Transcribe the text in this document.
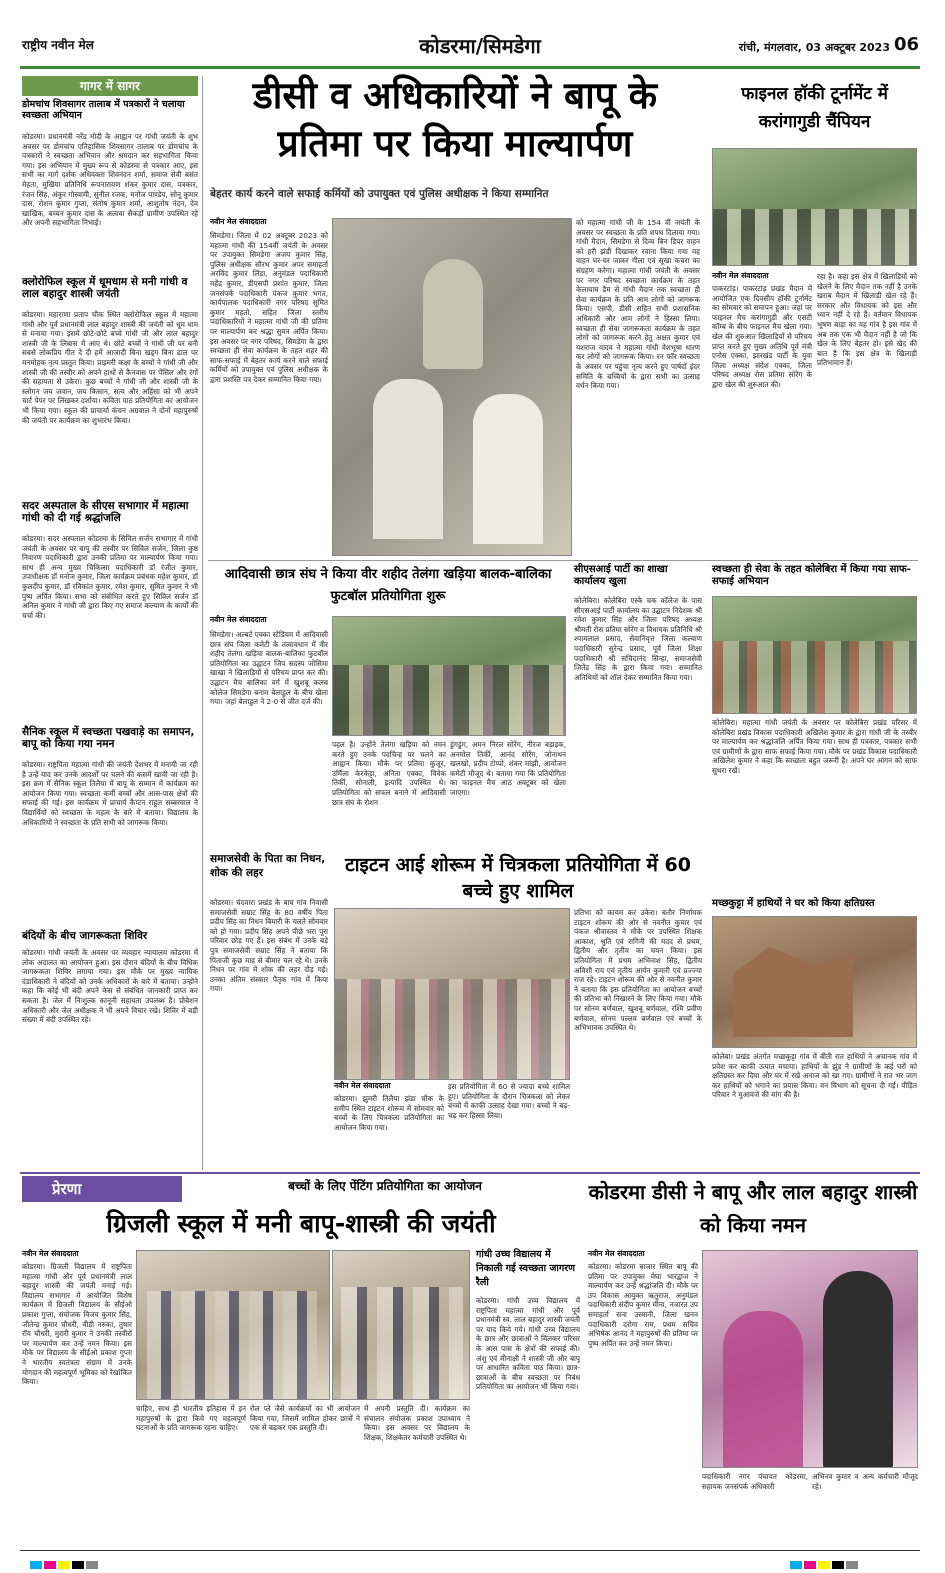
राष्ट्रीय नवीन मेल	कोडरमा/सिमडेगा	रांची, मंगलवार, 03 अक्टूबर 2023 06
गागर में सागर
डोमचांच शिवसागर तालाब में पत्रकारों ने चलाया स्वच्छता अभियान
कोडरमा। प्रधानमंत्री नरेंद्र मोदी के आह्वान पर गांधी जयंती के शुभ अवसर पर डोमचांच एतिहासिक शिवसागर तालाब पर डोमचांच के पत्रकारों ने स्वच्छता अभियान और श्रमदान कर सहभागिता किया गया। इस अभियान में मुख्य रूप से कोडरमा से पत्रकार आए, इस सभी का मार्ग दर्शक अधिवक्ता शिवनंदन शर्मा, समाज सेवी बसंत मेहता, मुखिया प्रतिनिधि रूपनारायण शंकर कुमार दास, पत्रकार, रंजन सिंह, अंकुर गोस्वामी, सुनील रजक, मनोज पाण्डेय, सोनू कुमार दास, रोशन कुमार गुप्ता, संतोष कुमार शर्मा, आशुतोष नंदन, देव खाखिक, बच्चन कुमार दास के अलावा सैकड़ों ग्रामीण उपस्थित रहे और अपनी सहभागिता निभाई।
क्लोरोफिल स्कूल में धूमधाम से मनी गांधी व लाल बहादुर शास्त्री जयंती
कोडरमा। महाराणा प्रताप चौक स्थित क्लोरोफिल स्कूल में महात्मा गांधी और पूर्व प्रधानमंत्री लाल बहादुर शास्त्री की जयंती को धूम धाम से मनाया गया। इसमें छोटे-छोटे बच्चे गांधी जी और लाल बहादुर शास्त्री जी के लिबास में आए थे। छोटे बच्चों ने गांधी जी पर बनी सबसे लोकप्रिय गीत दे दी हमें आजादी बिना खड्ग बिना ढाल पर मनमोहक नृत्य प्रस्तुत किया। प्राइमरी कक्षा के बच्चों ने गांधी जी और शास्त्री जी की तस्वीर को अपने हाथों से कैनवास पर पेंसिल और रंगों की सहायता से उकेरा। कुछ बच्चों ने गांधी जी और शास्त्री जी के स्लोगन जय जवान, जय किसान, सत्य और अहिंसा को भी अपने चार्ट पेपर पर लिखकर दर्शाया। कविता पाठ प्रतियोगिता का आयोजन भी किया गया। स्कूल की प्राचार्या कंचन अग्रवाल ने दोनों महापुरुषों की जयंती पर कार्यक्रम का शुभारंभ किया।
सदर अस्पताल के सीएस सभागार में महात्मा गांधी को दी गई श्रद्धांजलि
कोडरमा। सदर अस्पताल कोडरमा के सिविल सर्जन सभागार में गांधी जयंती के अवसर पर बापू की तस्वीर पर सिविल सर्जन, जिला कुष्ठ निवारण पदाधिकारी द्वारा उनकी प्रतिमा पर माल्यार्पण किया गया। साथ ही अन्य मुख्य चिकित्सा पदाधिकारी डॉ रंजीत कुमार, उपाधीक्षक डॉ मनोज कुमार, जिला कार्यक्रम प्रबंधक महेश कुमार, डॉ कुलदीप कुमार, डॉ रविकांत कुमार, रमेश कुमार, सुमित कुमार ने भी पुष्प अर्पित किया। सभा को संबोधित करते हुए सिविल सर्जन डॉ अनिल कुमार ने गांधी जी द्वारा किए गए समाज कल्याण के कार्यों की चर्चा की।
सैनिक स्कूल में स्वच्छता पखवाड़े का समापन, बापू को किया गया नमन
कोडरमा। राष्ट्रपिता महात्मा गांधी की जयंती देशभर में मनायी जा रही है उन्हें याद कर उनके आदर्शों पर चलने की कसमें खायी जा रही है। इस क्रम में सैनिक स्कूल तिलैया में बापू के सम्मान में कार्यक्रम का आयोजन किया गया। स्वच्छता कर्मी बच्चों और आस-पास क्षेत्रों की सफाई की गई। इस कार्यक्रम में प्राचार्य कैप्टन राहुल सब्बरवाल ने विद्यार्थियों को स्वच्छता के महत्व के बारे में बताया। विद्यालय के अधिकारियों ने स्वच्छता के प्रति सभी को जागरूक किया।
बंदियों के बीच जागरूकता शिविर
कोडरमा। गांधी जयंती के अवसर पर व्यवहार न्यायालय कोडरमा में लोक अदालत का आयोजन हुआ। इस दौरान बंदियों के बीच विधिक जागरूकता शिविर लगाया गया। इस मौके पर मुख्य न्यायिक दंडाधिकारी ने बंदियों को उनके अधिकारों के बारे में बताया। उन्होंने कहा कि कोई भी बंदी अपने केस से संबंधित जानकारी प्राप्त कर सकता है। जेल में निःशुल्क कानूनी सहायता उपलब्ध है। प्रोबेशन अधिकारी और जेल अधीक्षक ने भी अपने विचार रखे। शिविर में बड़ी संख्या में बंदी उपस्थित रहे।
डीसी व अधिकारियों ने बापू के प्रतिमा पर किया माल्यार्पण
बेहतर कार्य करने वाले सफाई कर्मियों को उपायुक्त एवं पुलिस अधीक्षक ने किया सम्मानित
नवीन मेल संवाददाता
सिमडेगा। जिला में 02 अक्टूबर 2023 को महात्मा गांधी की 154वीं जयंती के अवसर पर उपायुक्त सिमडेगा अजय कुमार सिंह, पुलिस अधीक्षक सौरभ कुमार अपर समाहर्ता अरविंद कुमार लिंडा, अनुमंडल पदाधिकारी महेंद्र कुमार, डीएसपी प्रशांत कुमार, जिला जनसंपर्क पदाधिकारी पंकज कुमार भगत, कार्यपालक पदाधिकारी नगर परिषद सुमित कुमार महतो, सहित जिला स्तरीय पदाधिकारियों ने महात्मा गांधी जी की प्रतिमा पर माल्यार्पण कर श्रद्धा सुमन अर्पित किया। इस अवसर पर नगर परिषद, सिमडेगा के द्वारा स्वच्छता ही सेवा कार्यक्रम के तहत शहर की साफ-सफाई में बेहतर कार्य करने वाले सफाई कर्मियों को उपायुक्त एवं पुलिस अधीक्षक के द्वारा प्रशस्ति पत्र देकर सम्मानित किया गया।
को महात्मा गांधी जी के 154 वीं जयंती के अवसर पर स्वच्छता के प्रति शपथ दिलाया गया। गांधी मैदान, सिमडेगा से दिव्य बिन डिपर वाहन को हरी झंडी दिखाकर रवाना किया गया यह वाहन घर-घर जाकर गीला एवं सूखा कचरा का संग्रहण करेगा। महात्मा गांधी जयंती के अवसर पर नगर परिषद स्वच्छता कार्यक्रम के तहत केलाघाघ डैम से गांधी मैदान तक स्वच्छता ही सेवा कार्यक्रम के प्रति आम लोगों को जागरूक किया। एसपी, डीसी सहित सभी प्रशासनिक अधिकारी और आम लोगों ने हिस्सा लिया। स्वच्छता ही सेवा जागरूकता कार्यक्रम के तहत लोगों को जागरूक करने हेतु अक्षत कुमार एवं यशराज यादव ने महात्मा गांधी वेशभूषा धारण कर लोगों को जागरूक किया। रन फॉर स्वच्छता के अवसर पर पहुंचा नृत्य करने हुए पार्षदों इंदर समिति के बच्चियों के द्वारा सभी का उत्साह वर्धन किया गया।
फाइनल हॉकी टूर्नामेंट में करांगागुडी चैंपियन
नवीन मेल संवाददाता
पाकरटांड़। पाकरटांड़ प्रखंड मैदान में आयोजित एक दिवसीय हॉकी टूर्नामेंट का सोमवार को समापन हुआ। जहां पर फाइनल मैच करांगागुडी और एसटी कॉम्ब के बीच फाइनल मैच खेला गया। खेल की शुरुआत खिलाड़ियों से परिचय प्राप्त करते हुए मुख्य अतिथि पूर्व मंत्री एनोस एक्का, झारखंड पार्टी के युवा जिला अध्यक्ष संदेश एक्का, जिला परिषद अध्यक्ष रोस प्रतिमा सोरेंग के द्वारा खेल की शुरुआत की।
रहा है। कहा इस क्षेत्र में खिलाड़ियों को खेलने के लिए मैदान तक नहीं है उनके खराब मैदान में खिलाड़ी खेल रहे हैं। सरकार और विधायक को इस और ध्यान नहीं दे रहे हैं। वर्तमान विधायक भूषण बाड़ा का यह गांव है इस गांव में अब तक एक भी मैदान नहीं है जो कि खेल के लिए बेहतर हो। इसे खेद की बात है कि इस क्षेत्र के खिलाड़ी प्रतिभावान हैं।
आदिवासी छात्र संघ ने किया वीर शहीद तेलंगा खड़िया बालक-बालिका फुटबॉल प्रतियोगिता शुरू
नवीन मेल संवाददाता
सिमडेगा। अल्बर्ट एक्का स्टेडियम में आदिवासी छात्र संघ जिला कमेटी के तत्वावधान में वीर शहीद तेलंगा खड़िया बालक-बालिका फुटबॉल प्रतियोगिता का उद्घाटन जिप सदस्य जोसिमा खाखा ने खिलाड़ियों से परिचय प्राप्त कर की। उद्घाटन मैच बालिका वर्ग में खुशबू कलब कोलेज सिमडेगा बनाम बेलाडुल के बीच खेला गया। जहां बेलाडुल ने 2-0 से जीत दर्ज की।
पहल है। उन्होंने तेलंगा खड़िया को नमन करते हुए उनके पदचिन्ह पर चलने का आह्वान किया। मौके पर प्रतिमा कुजूर, उर्मिला केरकेट्टा, अनिता एक्का, विवेक तिर्की, सोनाली, इत्यादि उपस्थित थे। प्रतियोगिता को सफल बनाने में आदिवासी छात्र संघ के रोशन
डुंगडुंग, अमन निरल सोरेंग, नीरज बड़ाइक, अनमोल तिर्की, आनंद सोरेंग, जोनाथन खलखो, प्रदीप टोप्पो, शंकर मांझी, आयोजन कमेटी मौजूद थे। बताया गया कि प्रतियोगिता का फाइनल मैच आठ अक्टूबर को खेला जाएगा।
सीएसआई पार्टी का शाखा कार्यालय खुला
कोलेबिरा। कोलेबिरा एस्के चक कॉलेज के पास सीएसआई पार्टी कार्यालय का उद्घाटन निदेशक श्री रमेश कुमार सिंह और जिला परिषद अध्यक्ष श्रीमती रोस प्रतिमा सोरेंग व विधायक प्रतिनिधि श्री श्यामलाल प्रसाद, सेवानिवृत्त जिला कल्याण पदाधिकारी सुरेन्द्र प्रसाद, पूर्व जिला शिक्षा पदाधिकारी श्री सचिदानंद सिन्हा, समाजसेवी जितेंद्र सिंह के द्वारा किया गया। सम्मानित अतिथियों को शॉल देकर सम्मानित किया गया।
स्वच्छता ही सेवा के तहत कोलेबिरा में किया गया साफ-सफाई अभियान
कोलेबिरा। महात्मा गांधी जयंती के अवसर पर कोलेबिरा प्रखंड परिसर में कोलेबिरा प्रखंड विकास पदाधिकारी अखिलेश कुमार के द्वारा गांधी जी के तस्वीर पर माल्यार्पण कर श्रद्धांजलि अर्पित किया गया। साथ ही पत्रकार, पत्रकार सभी एवं ग्रामीणों के द्वारा साफ सफाई किया गया। मौके पर प्रखंड विकास पदाधिकारी अखिलेश कुमार ने कहा कि स्वच्छता बहुत जरूरी है। अपने घर आंगन को साफ सुथरा रखें।
समाजसेवी के पिता का निधन, शोक की लहर
कोडरमा। चंदवारा प्रखंड के बाघ गांव निवासी समाजसेवी सम्राट सिंह के 80 वर्षीय पिता प्रदीप सिंह का निधन बिमारी के चलते सोमवार को हो गया। प्रदीप सिंह अपने पीछे भरा पूरा परिवार छोड़ गए हैं। इस संबंध में उनके बड़े पुत्र समाजसेवी सम्राट सिंह ने बताया कि पिताजी कुछ माह से बीमार चल रहे थे। उनके निधन पर गांव में शोक की लहर दौड़ गई। उनका अंतिम संस्कार पैतृक गांव में किया गया।
टाइटन आई शोरूम में चित्रकला प्रतियोगिता में 60 बच्चे हुए शामिल
नवीन मेल संवाददाता
कोडरमा। झुमरी तिलैया झंडा चौक के समीप स्थित टाइटन शोरूम में सोमवार को बच्चों के लिए चित्रकला प्रतियोगिता का आयोजन किया गया।
इस प्रतियोगिता में 60 से ज्यादा बच्चे शामिल हुए। प्रतियोगिता के दौरान चित्रकला को लेकर बच्चों में काफी उत्साह देखा गया। बच्चों ने बढ़-चढ़ कर हिस्सा लिया।
प्रतिभा को कायम कर उकेरा। बतौर निर्णायक टाइटन शोरूम की ओर से नवनीत कुमार एवं पंकज श्रीवास्तव ने मौके पर उपस्थित शिक्षक आकाश, श्रुति एवं रागिनी की मदद से प्रथम, द्वितीय और तृतीय का चयन किया। इस प्रतियोगिता में प्रथम अभिनाश सिंह, द्वितीय अविशी राय एवं तृतीय आर्यन कुमारी एवं प्रज्ज्या राज रहे। टाइटन शोरूम की ओर से नवनीत कुमार ने बताया कि इस प्रतियोगिता का आयोजन बच्चों की प्रतिभा को निखारने के लिए किया गया। मौके पर सोनम बर्णवाल, खुशबू बर्णवाल, रश्मि प्रवीण बर्णवाल, सोनम पल्लव बर्णवाल एवं बच्चों के अभिभावक उपस्थित थे।
मच्छकुट्टा में हाथियों ने घर को किया क्षतिग्रस्त
कोलेबा। प्रखंड अंतर्गत मच्छकुट्टा गांव में बीती रात हाथियों ने अचानक गांव में प्रवेश कर काफी उत्पात मचाया। हाथियों के झुंड ने ग्रामीणों के कई घरों को क्षतिग्रस्त कर दिया और घर में रखे अनाज को खा गए। ग्रामीणों ने रात भर जाग कर हाथियों को भगाने का प्रयास किया। वन विभाग को सूचना दी गई। पीड़ित परिवार ने मुआवजे की मांग की है।
प्रेरणा	बच्चों के लिए पेंटिंग प्रतियोगिता का आयोजन
ग्रिजली स्कूल में मनी बापू-शास्त्री की जयंती
नवीन मेल संवाददाता
कोडरमा। ग्रिजली विद्यालय में राष्ट्रपिता महात्मा गांधी और पूर्व प्रधानमंत्री लाल बहादुर शास्त्री की जयंती मनाई गई। विद्यालय सभागार में आयोजित विशेष कार्यक्रम में ग्रिजली विद्यालय के सीईओ प्रकाश गुप्ता, संयोजक विजय कुमार सिंह, जीतेन्द्र कुमार चौधरी, वीडी नरुका, तुषार रॉय चौधरी, मुरारी कुमार ने उनकी तस्वीरों पर माल्यार्पण कर उन्हें नमन किया। इस मौके पर विद्यालय के सीईओ प्रकाश गुप्ता ने भारतीय स्वतंत्रता संग्राम में उनके योगदान की महत्वपूर्ण भूमिका को रेखांकित किया।
चाहिए, साथ ही भारतीय इतिहास में इन महापुरुषों के द्वारा किये गए महत्वपूर्ण घटनाओं के प्रति जागरूक रहना चाहिए।
रोल प्ले जैसे कार्यक्रमों का भी आयोजन किया गया, जिसमें शामिल होकर छात्रों ने एक से बढ़कर एक प्रस्तुति दी।
में अपनी प्रस्तुति दी। कार्यक्रम का संचालन संयोजक प्रकाश उपाध्याय ने किया। इस अवसर पर विद्यालय के शिक्षक, शिक्षकेतर कर्मचारी उपस्थित थे।
गांधी उच्च विद्यालय में निकाली गई स्वच्छता जागरण रैली
कोडरमा। गांधी उच्च विद्यालय में राष्ट्रपिता महात्मा गांधी और पूर्व प्रधानमंत्री स्व. लाल बहादुर शास्त्री जयंती पर याद किये गये। गांधी उच्च विद्यालय के छात्र और छात्राओं ने मिलकर परिसर के आस पास के क्षेत्रों की सफाई की। अंशु एवं मीनाक्षी ने शास्त्री जी और बापू पर आधारित कविता पाठ किया। छात्र-छात्राओं के बीच स्वच्छता पर निबंध प्रतियोगिता का आयोजन भी किया गया।
कोडरमा डीसी ने बापू और लाल बहादुर शास्त्री को किया नमन
नवीन मेल संवाददाता
कोडरमा। कोडरमा बाजार स्थित बापू की प्रतिमा पर उपायुक्त मेघा भारद्वाज ने माल्यार्पण कर उन्हें श्रद्धांजलि दी। मौके पर उप विकास आयुक्त ऋतुराज, अनुमंडल पदाधिकारी संदीप कुमार मीना, नजारत उप समाहर्ता सना उस्मानी, जिला खनन पदाधिकारी दरोगा राम, प्रथम सचिव अभिषेक आनंद ने महापुरुषों की प्रतिमा पर पुष्प अर्पित कर उन्हें नमन किया।
पदाधिकारी नगर पंचायत कोडरमा, सहायक जनसंपर्क अधिकारी
अभिनव कुमार व अन्य कर्मचारी मौजूद रहे।
